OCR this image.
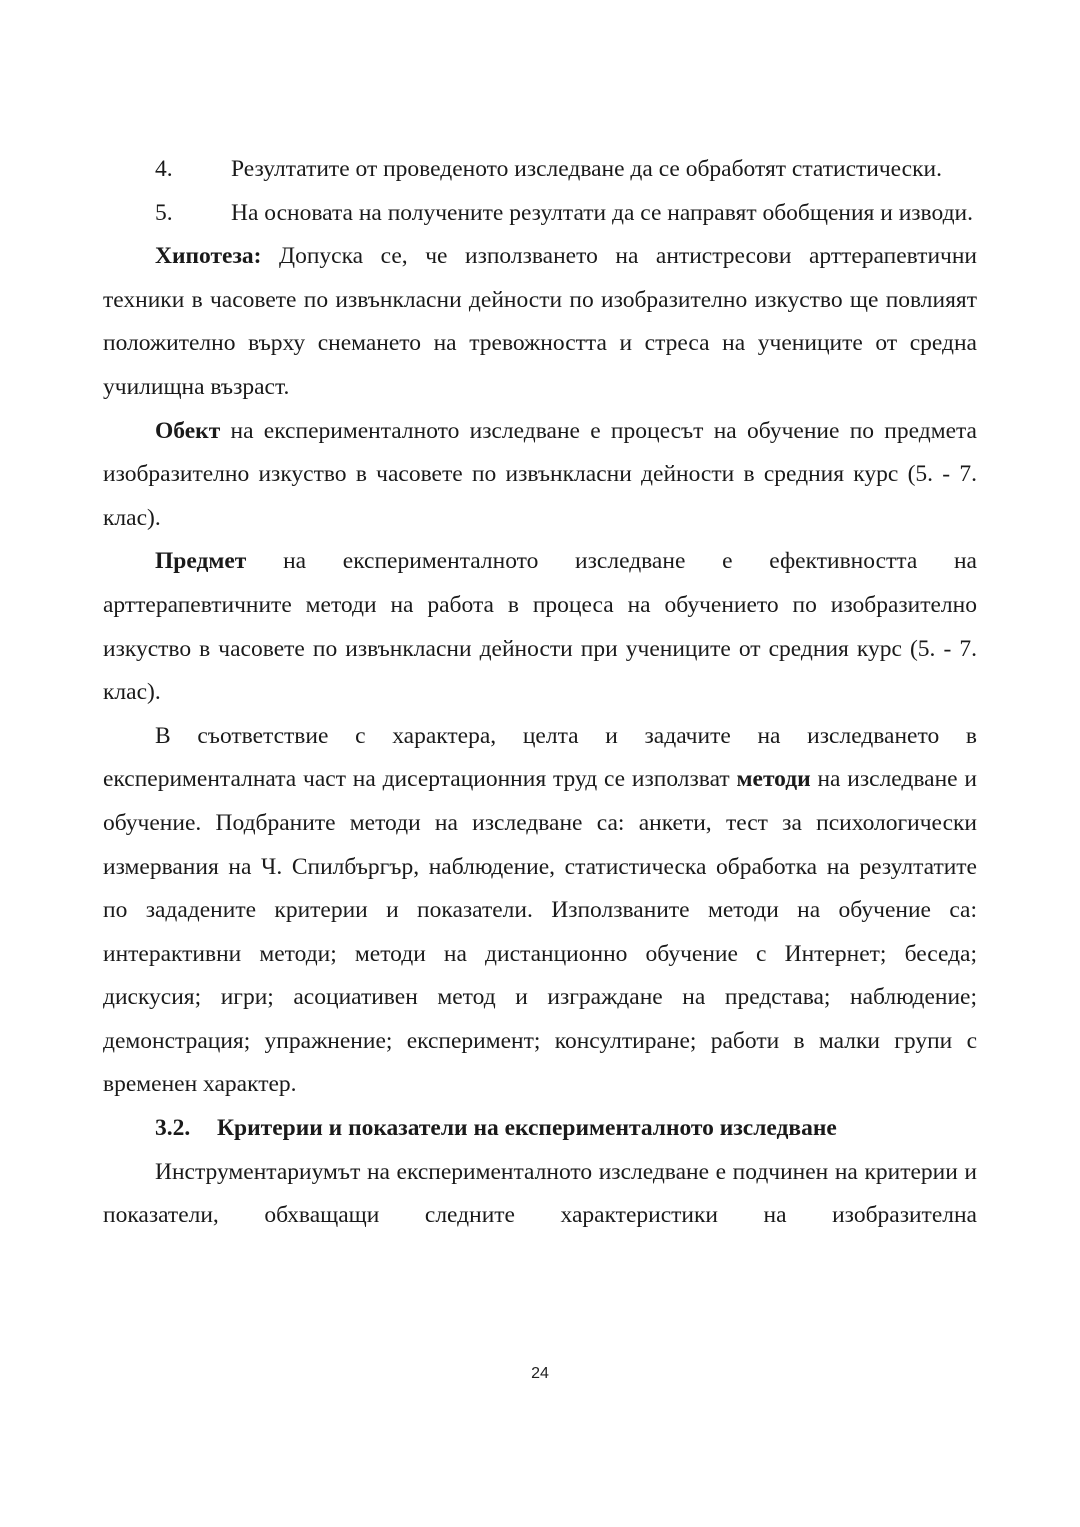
4. Резултатите от проведеното изследване да се обработят статистически.

5. На основата на получените резултати да се направят обобщения и изводи.

Хипотеза: Допуска се, че използването на антистресови арттерапевтични техники в часовете по извънкласни дейности по изобразително изкуство ще повлияят положително върху снемането на тревожността и стреса на учениците от средна училищна възраст.

Обект на експерименталното изследване е процесът на обучение по предмета изобразително изкуство в часовете по извънкласни дейности в средния курс (5. - 7. клас).

Предмет на експерименталното изследване е ефективността на арттерапевтичните методи на работа в процеса на обучението по изобразително изкуство в часовете по извънкласни дейности при учениците от средния курс (5. - 7. клас).

В съответствие с характера, целта и задачите на изследването в експерименталната част на дисертационния труд се използват методи на изследване и обучение. Подбраните методи на изследване са: анкети, тест за психологически измервания на Ч. Спилбъргър, наблюдение, статистическа обработка на резултатите по зададените критерии и показатели. Използваните методи на обучение са: интерактивни методи; методи на дистанционно обучение с Интернет; беседа; дискусия; игри; асоциативен метод и изграждане на представа; наблюдение; демонстрация; упражнение; експеримент; консултиране; работи в малки групи с временен характер.

3.2. Критерии и показатели на експерименталното изследване

Инструментариумът на експерименталното изследване е подчинен на критерии и показатели, обхващащи следните характеристики на изобразителна

24
